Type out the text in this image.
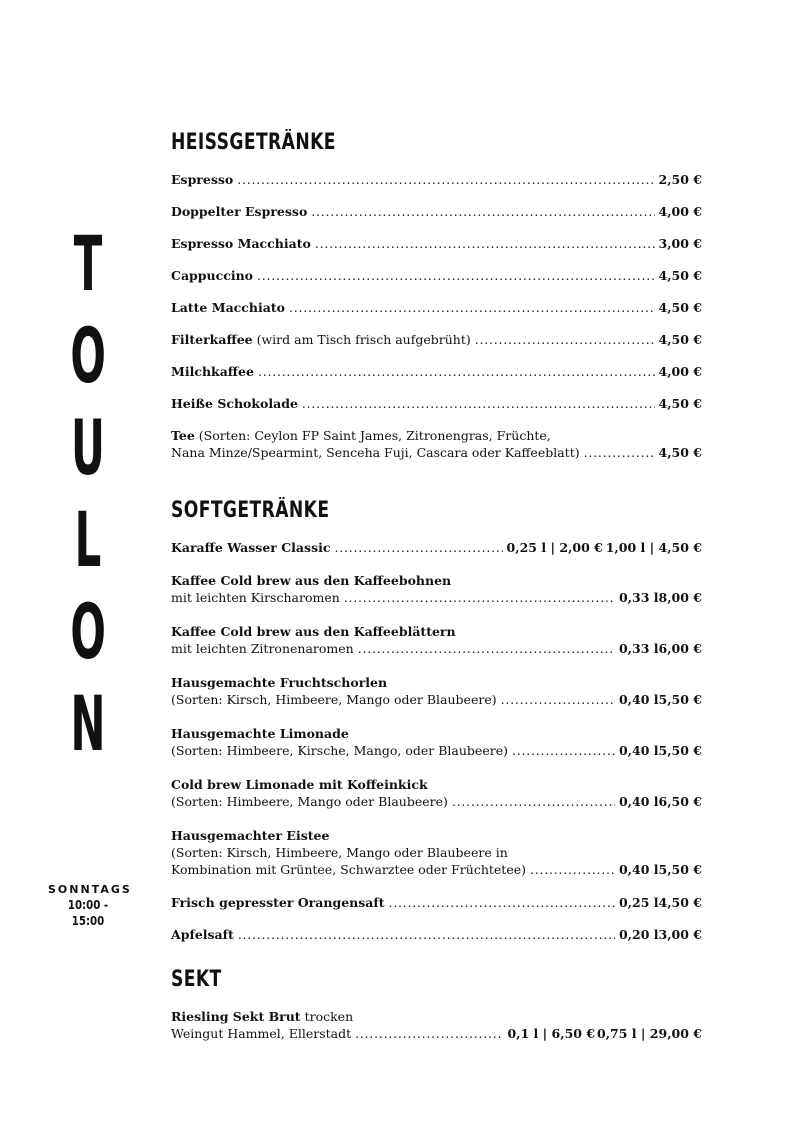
T
O
U
L
O
N
SONNTAGS
10:00 - 15:00
HEISSGETRÄNKE
Espresso . . .	2,50 €
Doppelter Espresso . . .	4,00 €
Espresso Macchiato . . .	3,00 €
Cappuccino . . .	4,50 €
Latte Macchiato . . .	4,50 €
Filterkaffee
(wird am Tisch frisch aufgebrüht) . . .	4,50 €
Milchkaffee . . .	4,00 €
Heiße Schokolade . . .	4,50 €
Tee (Sorten: Ceylon FP Saint James, Zitronengras, Früchte,
Nana Minze/Spearmint, Senceha Fuji, Cascara oder Kaffeeblatt) . . .	4,50 €
SOFTGETRÄNKE
Karaffe Wasser Classic . . .	0,25 l | 2,00 € 1,00 l | 4,50 €
Kaffee Cold brew aus den Kaffeebohnen
mit leichten Kirscharomen . . .	0,33 l 8,00 €
Kaffee Cold brew aus den Kaffeeblättern
mit leichten Zitronenaromen . . .	0,33 l 6,00 €
Hausgemachte Fruchtschorlen
(Sorten: Kirsch, Himbeere, Mango oder Blaubeere) . . .	0,40 l 5,50 €
Hausgemachte Limonade
(Sorten: Himbeere, Kirsche, Mango, oder Blaubeere) . . .	0,40 l 5,50 €
Cold brew Limonade mit Koffeinkick
(Sorten: Himbeere, Mango oder Blaubeere) . . .	0,40 l 6,50 €
Hausgemachter Eistee
(Sorten: Kirsch, Himbeere, Mango oder Blaubeere in
Kombination mit Grüntee, Schwarztee oder Früchtetee) . . .	0,40 l 5,50 €
Frisch gepresster Orangensaft . . .	0,25 l 4,50 €
Apfelsaft . . .	0,20 l 3,00 €
SEKT
Riesling Sekt Brut trocken
Weingut Hammel, Ellerstadt . . .	0,1 l | 6,50 € 0,75 l | 29,00 €
